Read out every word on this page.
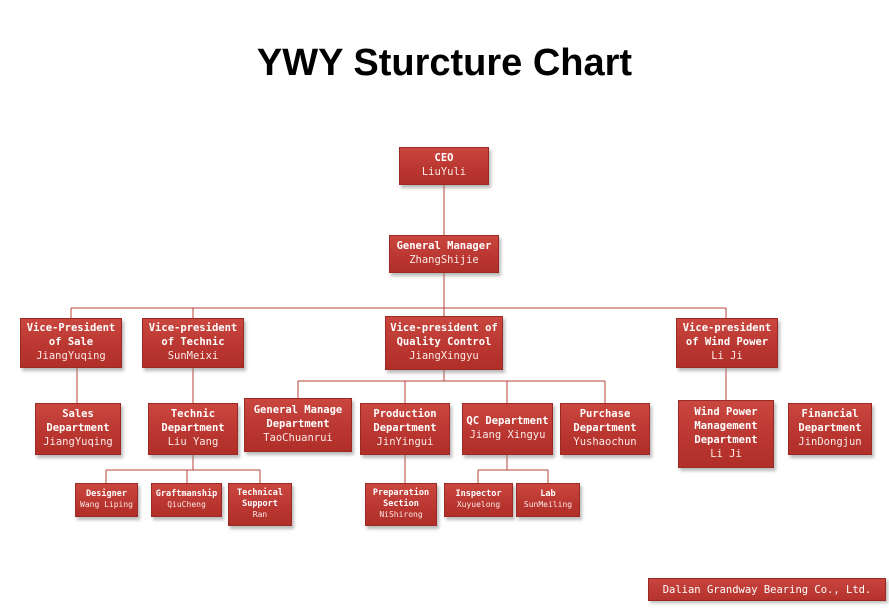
YWY Sturcture Chart
CEO
LiuYuli
General Manager
ZhangShijie
Vice-President of Sale
JiangYuqing
Vice-president of Technic
SunMeixi
Vice-president of Quality Control
JiangXingyu
Vice-president of Wind Power
Li Ji
Sales Department
JiangYuqing
Technic Department
Liu Yang
General Manage Department
TaoChuanrui
Production Department
JinYingui
QC Department
Jiang Xingyu
Purchase Department
Yushaochun
Wind Power Management Department
Li Ji
Financial Department
JinDongjun
Designer
Wang Liping
Graftmanship
QiuCheng
Technical Support
Ran
Preparation Section
NiShirong
Inspector
Xuyuelong
Lab
SunMeiling
Dalian Grandway Bearing Co., Ltd.
